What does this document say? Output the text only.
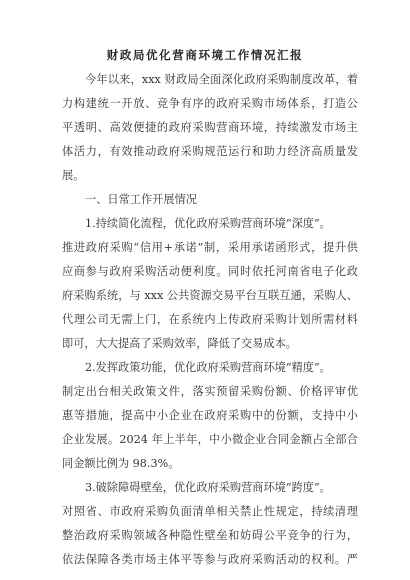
财政局优化营商环境工作情况汇报
今年以来，xxx 财政局全面深化政府采购制度改革，着
力构建统一开放、竞争有序的政府采购市场体系，打造公
平透明、高效便捷的政府采购营商环境，持续激发市场主
体活力，有效推动政府采购规范运行和助力经济高质量发
展。
一、日常工作开展情况
1.持续简化流程，优化政府采购营商环境“深度”。
推进政府采购“信用+承诺”制，采用承诺函形式，提升供
应商参与政府采购活动便利度。同时依托河南省电子化政
府采购系统，与 xxx 公共资源交易平台互联互通，采购人、
代理公司无需上门，在系统内上传政府采购计划所需材料
即可，大大提高了采购效率，降低了交易成本。
2.发挥政策功能，优化政府采购营商环境“精度”。
制定出台相关政策文件，落实预留采购份额、价格评审优
惠等措施，提高中小企业在政府采购中的份额，支持中小
企业发展。2024 年上半年，中小微企业合同金额占全部合
同金额比例为 98.3%。
3.破除障碍壁垒，优化政府采购营商环境“跨度”。
对照省、市政府采购负面清单相关禁止性规定，持续清理
整治政府采购领域各种隐性壁垒和妨碍公平竞争的行为，
依法保障各类市场主体平等参与政府采购活动的权利。严
